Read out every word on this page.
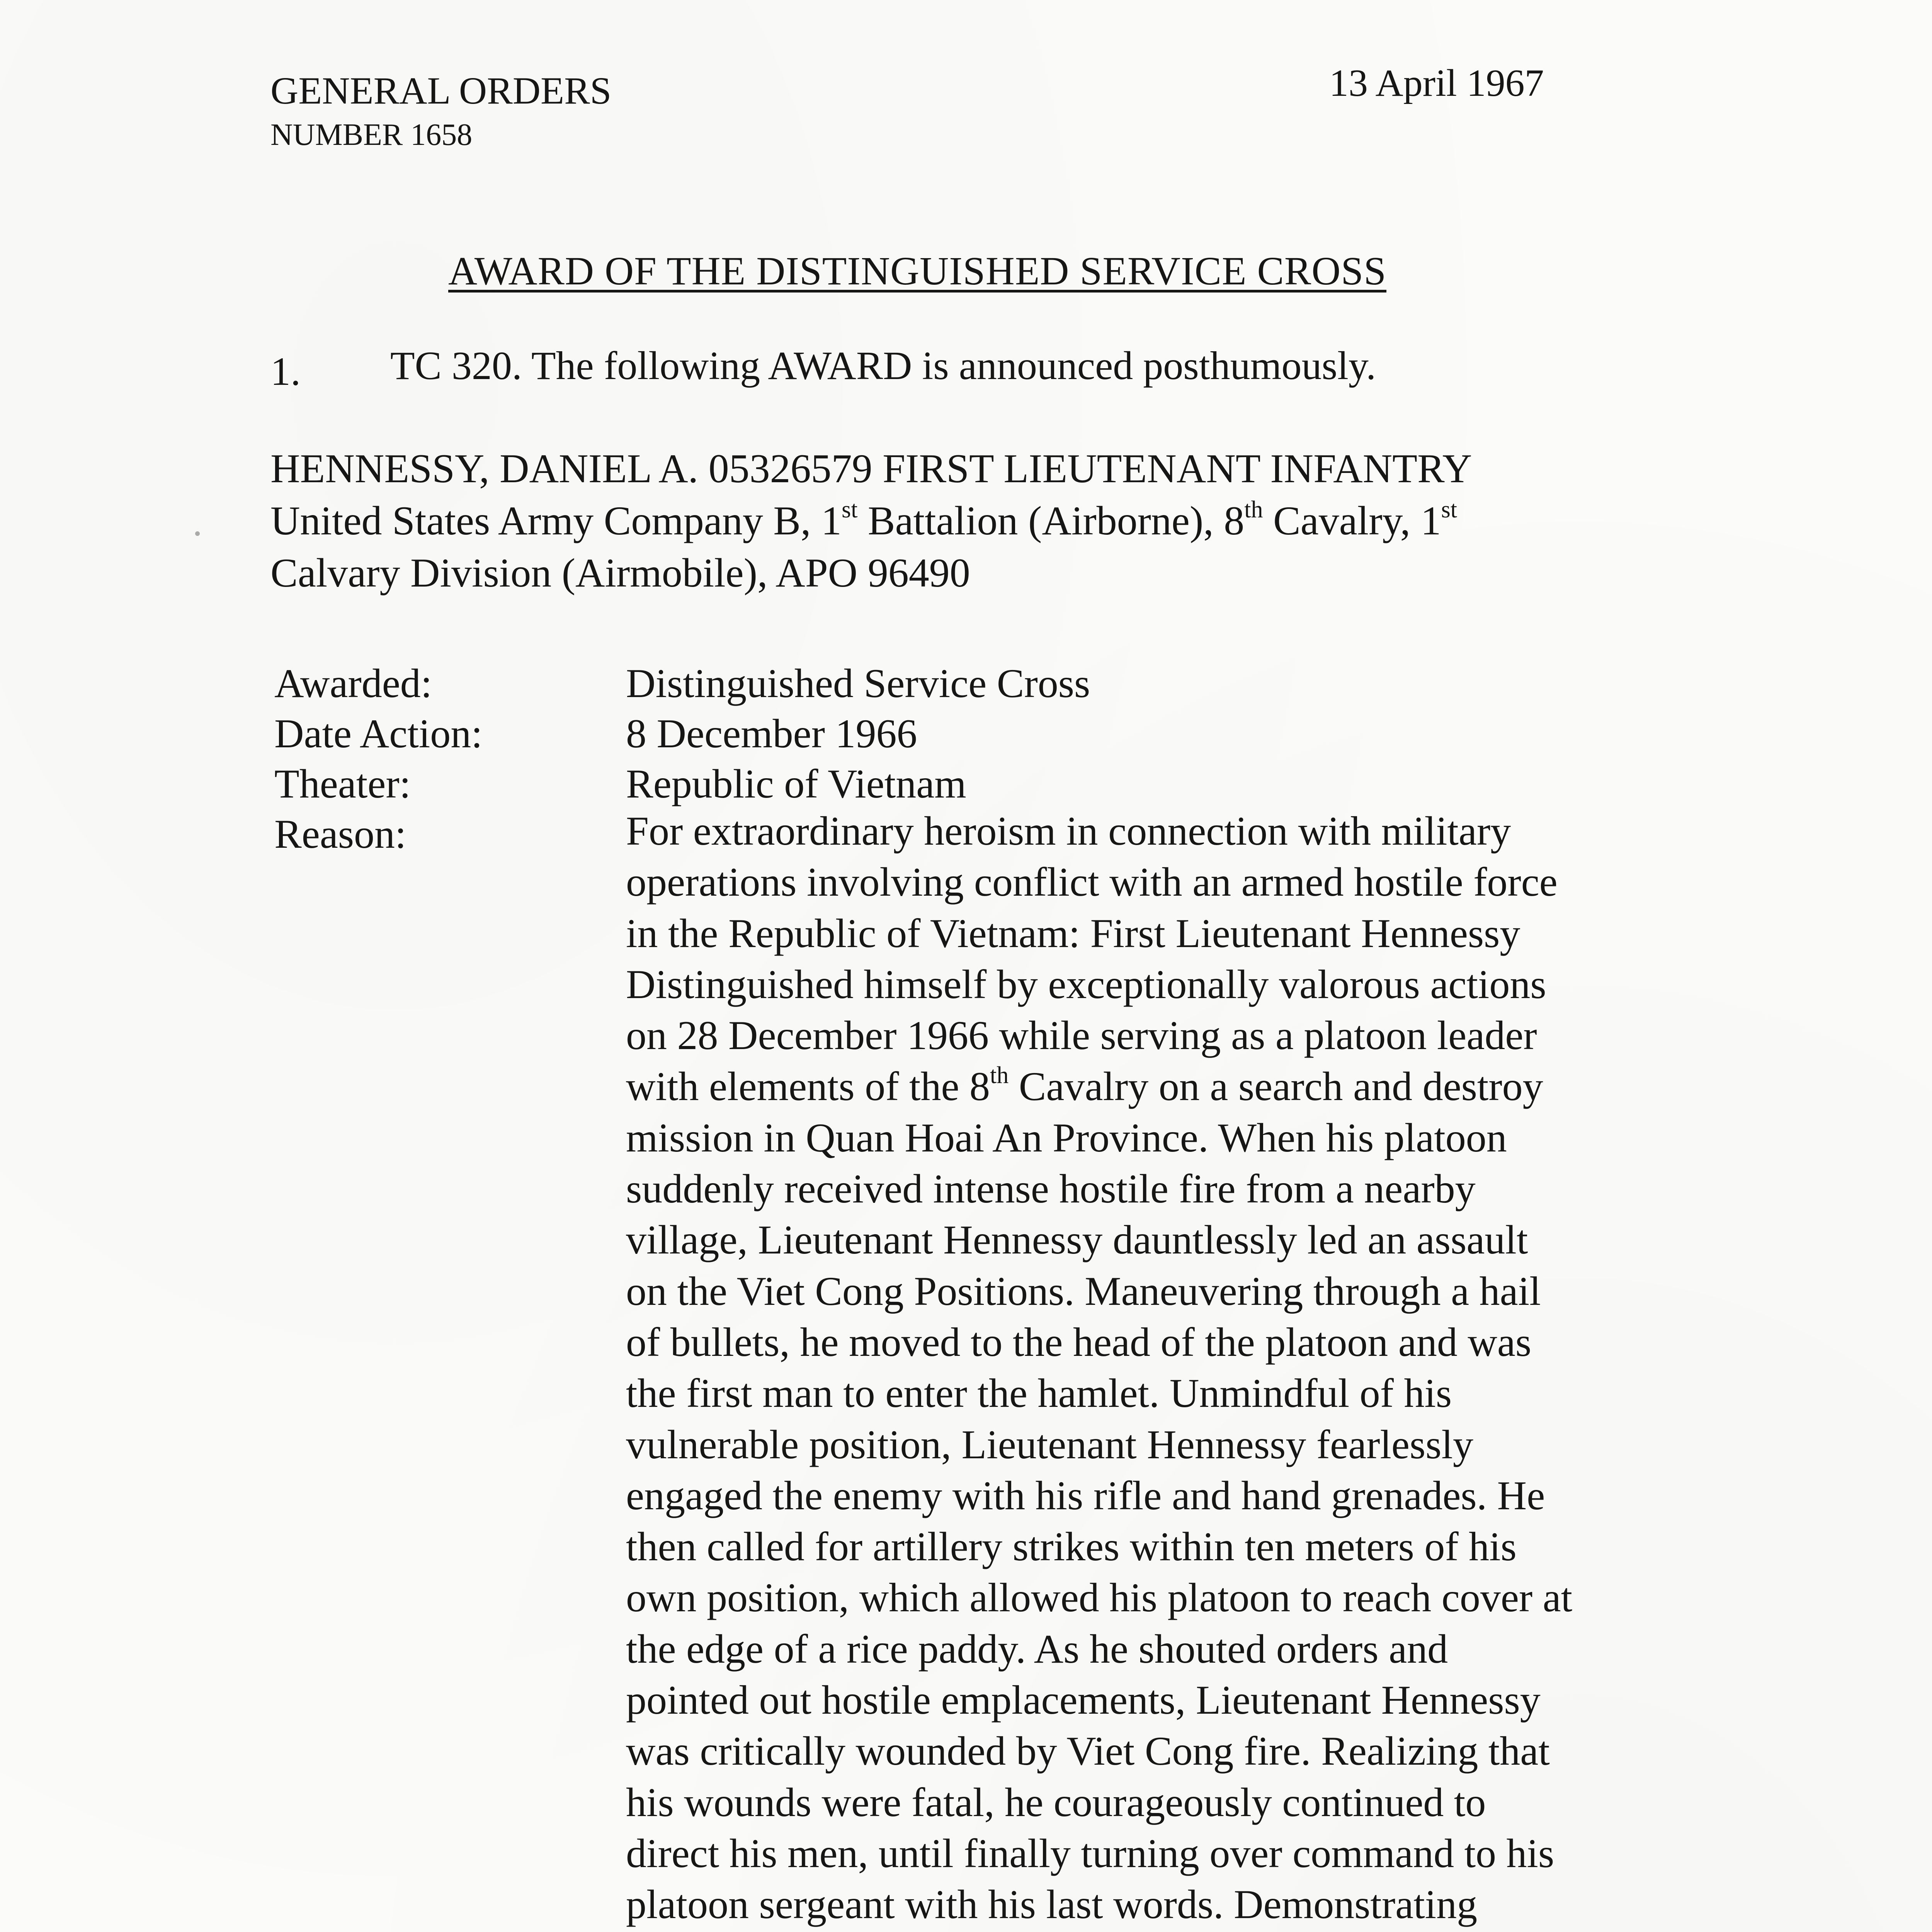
GENERAL ORDERS
NUMBER 1658
13 April 1967
AWARD OF THE DISTINGUISHED SERVICE CROSS
1. TC 320. The following AWARD is announced posthumously.
HENNESSY, DANIEL A. 05326579 FIRST LIEUTENANT INFANTRY
United States Army Company B, 1st Battalion (Airborne), 8th Cavalry, 1st
Calvary Division (Airmobile), APO 96490
Awarded:	Distinguished Service Cross
Date Action:	8 December 1966
Theater:	Republic of Vietnam
Reason:	For extraordinary heroism in connection with military
operations involving conflict with an armed hostile force
in the Republic of Vietnam: First Lieutenant Hennessy
Distinguished himself by exceptionally valorous actions
on 28 December 1966 while serving as a platoon leader
with elements of the 8th Cavalry on a search and destroy
mission in Quan Hoai An Province. When his platoon
suddenly received intense hostile fire from a nearby
village, Lieutenant Hennessy dauntlessly led an assault
on the Viet Cong Positions. Maneuvering through a hail
of bullets, he moved to the head of the platoon and was
the first man to enter the hamlet. Unmindful of his
vulnerable position, Lieutenant Hennessy fearlessly
engaged the enemy with his rifle and hand grenades. He
then called for artillery strikes within ten meters of his
own position, which allowed his platoon to reach cover at
the edge of a rice paddy. As he shouted orders and
pointed out hostile emplacements, Lieutenant Hennessy
was critically wounded by Viet Cong fire. Realizing that
his wounds were fatal, he courageously continued to
direct his men, until finally turning over command to his
platoon sergeant with his last words. Demonstrating
